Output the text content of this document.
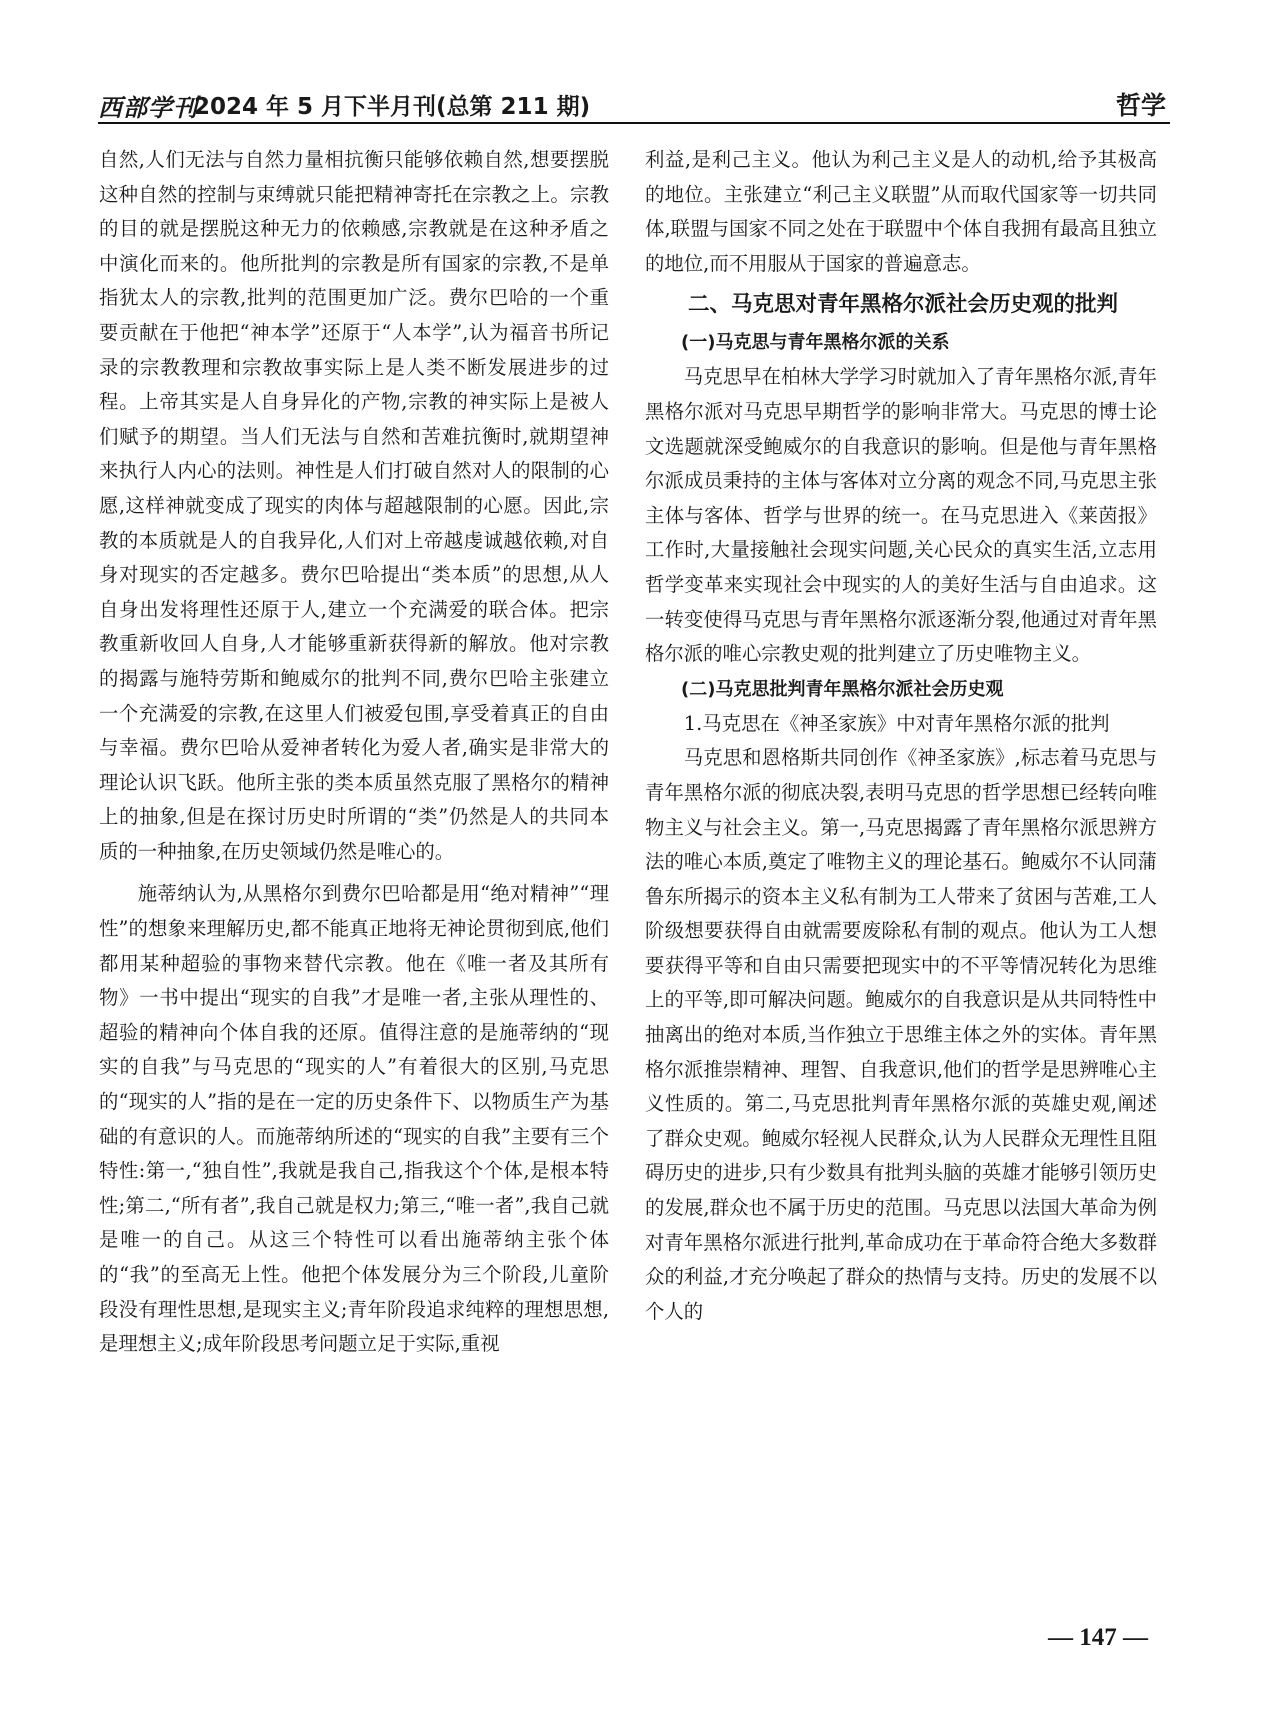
西部学刊
2024 年 5 月下半月刊(总第 211 期)	哲学

自然,人们无法与自然力量相抗衡只能够依赖自然,想要摆脱这种自然的控制与束缚就只能把精神寄托在宗教之上。宗教的目的就是摆脱这种无力的依赖感,宗教就是在这种矛盾之中演化而来的。他所批判的宗教是所有国家的宗教,不是单指犹太人的宗教,批判的范围更加广泛。费尔巴哈的一个重要贡献在于他把“神本学”还原于“人本学”,认为福音书所记录的宗教教理和宗教故事实际上是人类不断发展进步的过程。上帝其实是人自身异化的产物,宗教的神实际上是被人们赋予的期望。当人们无法与自然和苦难抗衡时,就期望神来执行人内心的法则。神性是人们打破自然对人的限制的心愿,这样神就变成了现实的肉体与超越限制的心愿。因此,宗教的本质就是人的自我异化,人们对上帝越虔诚越依赖,对自身对现实的否定越多。费尔巴哈提出“类本质”的思想,从人自身出发将理性还原于人,建立一个充满爱的联合体。把宗教重新收回人自身,人才能够重新获得新的解放。他对宗教的揭露与施特劳斯和鲍威尔的批判不同,费尔巴哈主张建立一个充满爱的宗教,在这里人们被爱包围,享受着真正的自由与幸福。费尔巴哈从爱神者转化为爱人者,确实是非常大的理论认识飞跃。他所主张的类本质虽然克服了黑格尔的精神上的抽象,但是在探讨历史时所谓的“类”仍然是人的共同本质的一种抽象,在历史领域仍然是唯心的。

施蒂纳认为,从黑格尔到费尔巴哈都是用“绝对精神”“理性”的想象来理解历史,都不能真正地将无神论贯彻到底,他们都用某种超验的事物来替代宗教。他在《唯一者及其所有物》一书中提出“现实的自我”才是唯一者,主张从理性的、超验的精神向个体自我的还原。值得注意的是施蒂纳的“现实的自我”与马克思的“现实的人”有着很大的区别,马克思的“现实的人”指的是在一定的历史条件下、以物质生产为基础的有意识的人。而施蒂纳所述的“现实的自我”主要有三个特性:第一,“独自性”,我就是我自己,指我这个个体,是根本特性;第二,“所有者”,我自己就是权力;第三,“唯一者”,我自己就是唯一的自己。从这三个特性可以看出施蒂纳主张个体的“我”的至高无上性。他把个体发展分为三个阶段,儿童阶段没有理性思想,是现实主义;青年阶段追求纯粹的理想思想,是理想主义;成年阶段思考问题立足于实际,重视

利益,是利己主义。他认为利己主义是人的动机,给予其极高的地位。主张建立“利己主义联盟”从而取代国家等一切共同体,联盟与国家不同之处在于联盟中个体自我拥有最高且独立的地位,而不用服从于国家的普遍意志。

二、马克思对青年黑格尔派社会历史观的批判
(一)马克思与青年黑格尔派的关系

马克思早在柏林大学学习时就加入了青年黑格尔派,青年黑格尔派对马克思早期哲学的影响非常大。马克思的博士论文选题就深受鲍威尔的自我意识的影响。但是他与青年黑格尔派成员秉持的主体与客体对立分离的观念不同,马克思主张主体与客体、哲学与世界的统一。在马克思进入《莱茵报》工作时,大量接触社会现实问题,关心民众的真实生活,立志用哲学变革来实现社会中现实的人的美好生活与自由追求。这一转变使得马克思与青年黑格尔派逐渐分裂,他通过对青年黑格尔派的唯心宗教史观的批判建立了历史唯物主义。

(二)马克思批判青年黑格尔派社会历史观

1.马克思在《神圣家族》中对青年黑格尔派的批判

马克思和恩格斯共同创作《神圣家族》,标志着马克思与青年黑格尔派的彻底决裂,表明马克思的哲学思想已经转向唯物主义与社会主义。第一,马克思揭露了青年黑格尔派思辨方法的唯心本质,奠定了唯物主义的理论基石。鲍威尔不认同蒲鲁东所揭示的资本主义私有制为工人带来了贫困与苦难,工人阶级想要获得自由就需要废除私有制的观点。他认为工人想要获得平等和自由只需要把现实中的不平等情况转化为思维上的平等,即可解决问题。鲍威尔的自我意识是从共同特性中抽离出的绝对本质,当作独立于思维主体之外的实体。青年黑格尔派推崇精神、理智、自我意识,他们的哲学是思辨唯心主义性质的。第二,马克思批判青年黑格尔派的英雄史观,阐述了群众史观。鲍威尔轻视人民群众,认为人民群众无理性且阻碍历史的进步,只有少数具有批判头脑的英雄才能够引领历史的发展,群众也不属于历史的范围。马克思以法国大革命为例对青年黑格尔派进行批判,革命成功在于革命符合绝大多数群众的利益,才充分唤起了群众的热情与支持。历史的发展不以个人的

— 147 —
